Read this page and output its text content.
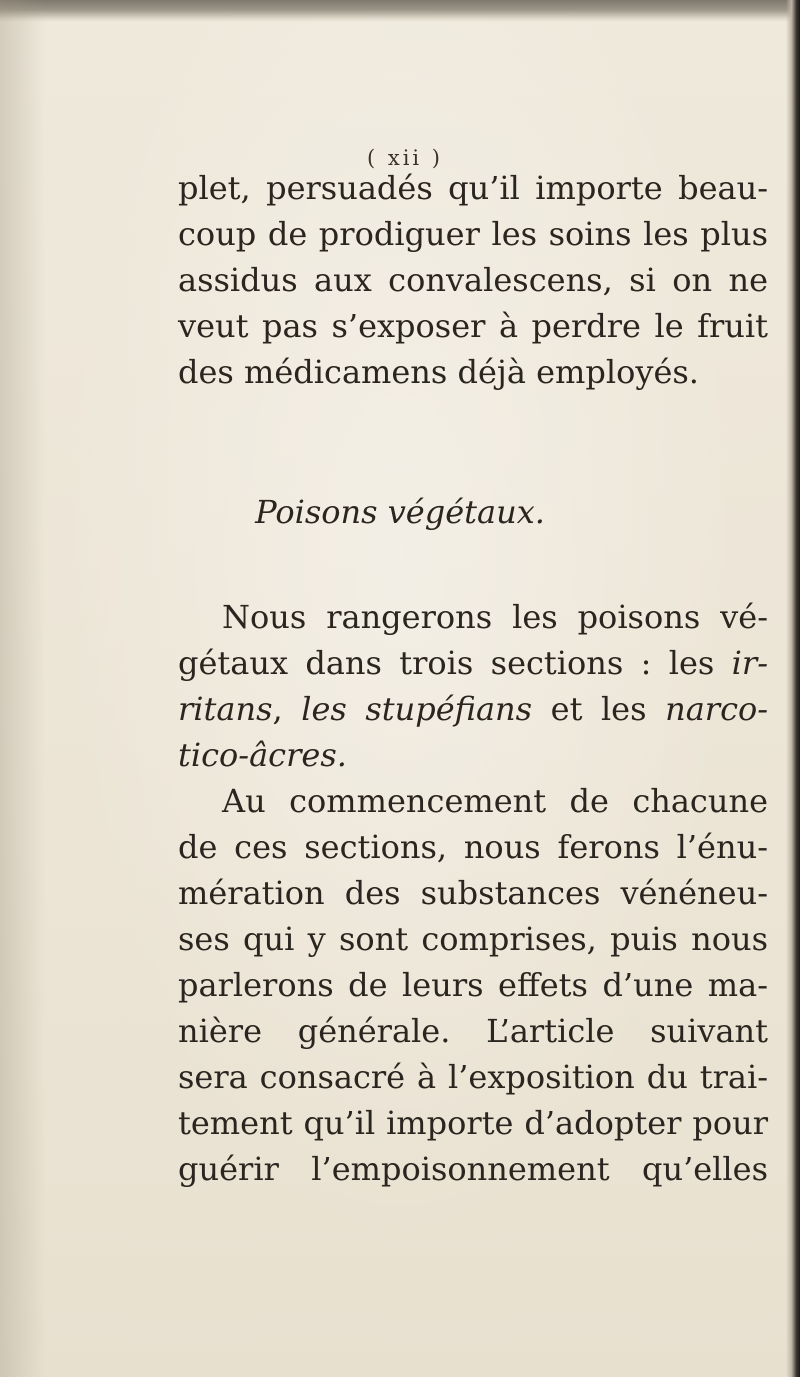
( xii )
plet, persuadés qu’il importe beau-
coup de prodiguer les soins les plus
assidus aux convalescens, si on ne
veut pas s’exposer à perdre le fruit
des médicamens déjà employés.
Poisons végétaux.
Nous rangerons les poisons vé-
gétaux dans trois sections : les ir-
ritans, les stupéfians et les narco-
tico-âcres.
Au commencement de chacune
de ces sections, nous ferons l’énu-
mération des substances vénéneu-
ses qui y sont comprises, puis nous
parlerons de leurs effets d’une ma-
nière générale. L’article suivant
sera consacré à l’exposition du trai-
tement qu’il importe d’adopter pour
guérir l’empoisonnement qu’elles
